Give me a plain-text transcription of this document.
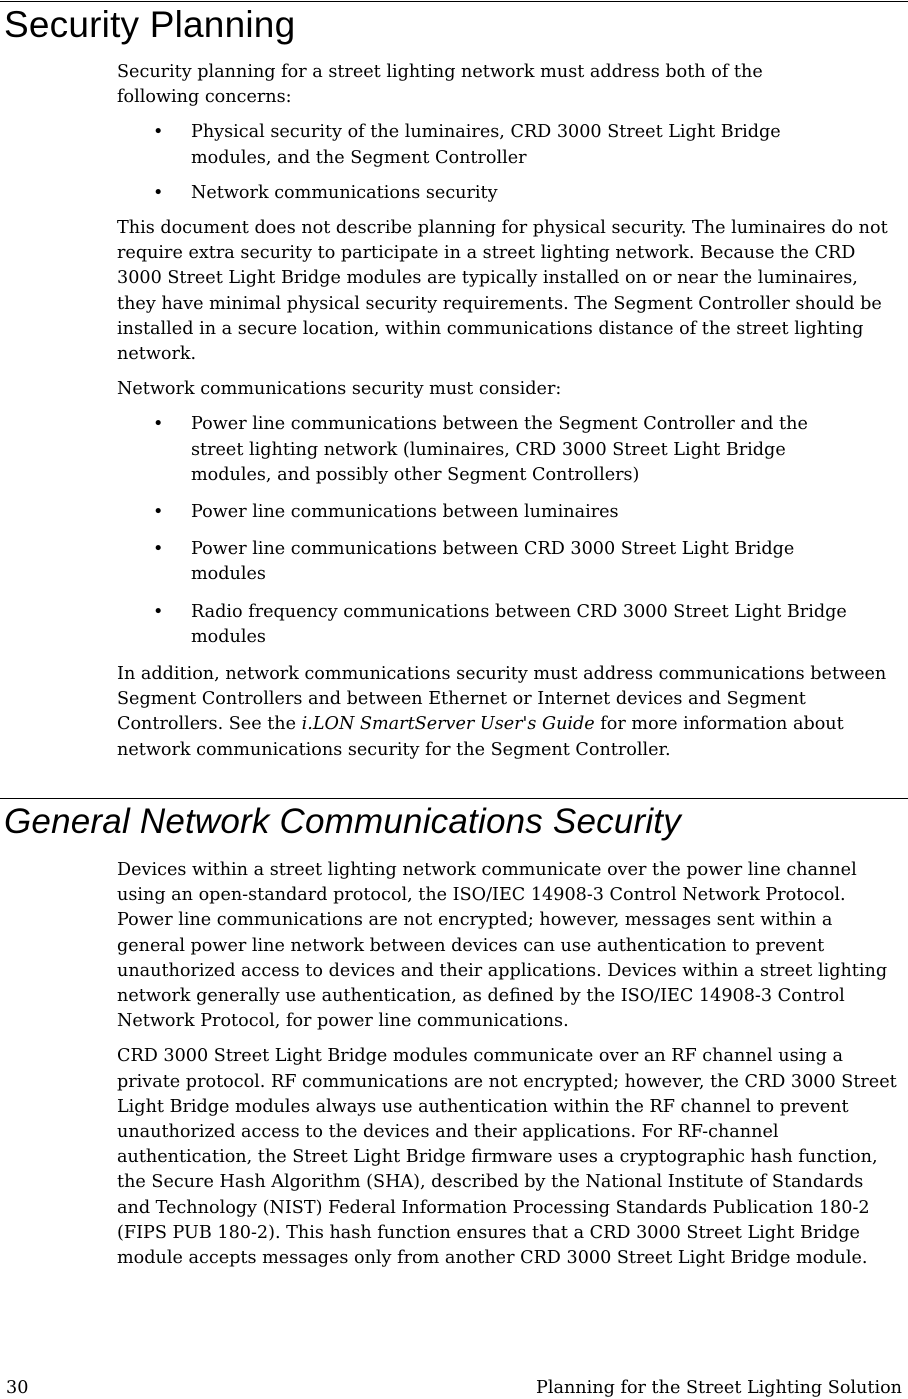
Security Planning

Security planning for a street lighting network must address both of the following concerns:

• Physical security of the luminaires, CRD 3000 Street Light Bridge modules, and the Segment Controller
• Network communications security

This document does not describe planning for physical security. The luminaires do not require extra security to participate in a street lighting network. Because the CRD 3000 Street Light Bridge modules are typically installed on or near the luminaires, they have minimal physical security requirements. The Segment Controller should be installed in a secure location, within communications distance of the street lighting network.

Network communications security must consider:

• Power line communications between the Segment Controller and the street lighting network (luminaires, CRD 3000 Street Light Bridge modules, and possibly other Segment Controllers)
• Power line communications between luminaires
• Power line communications between CRD 3000 Street Light Bridge modules
• Radio frequency communications between CRD 3000 Street Light Bridge modules

In addition, network communications security must address communications between Segment Controllers and between Ethernet or Internet devices and Segment Controllers. See the i.LON SmartServer User's Guide for more information about network communications security for the Segment Controller.

General Network Communications Security

Devices within a street lighting network communicate over the power line channel using an open-standard protocol, the ISO/IEC 14908-3 Control Network Protocol. Power line communications are not encrypted; however, messages sent within a general power line network between devices can use authentication to prevent unauthorized access to devices and their applications. Devices within a street lighting network generally use authentication, as defined by the ISO/IEC 14908-3 Control Network Protocol, for power line communications.

CRD 3000 Street Light Bridge modules communicate over an RF channel using a private protocol. RF communications are not encrypted; however, the CRD 3000 Street Light Bridge modules always use authentication within the RF channel to prevent unauthorized access to the devices and their applications. For RF-channel authentication, the Street Light Bridge firmware uses a cryptographic hash function, the Secure Hash Algorithm (SHA), described by the National Institute of Standards and Technology (NIST) Federal Information Processing Standards Publication 180-2 (FIPS PUB 180-2). This hash function ensures that a CRD 3000 Street Light Bridge module accepts messages only from another CRD 3000 Street Light Bridge module.

30	Planning for the Street Lighting Solution
